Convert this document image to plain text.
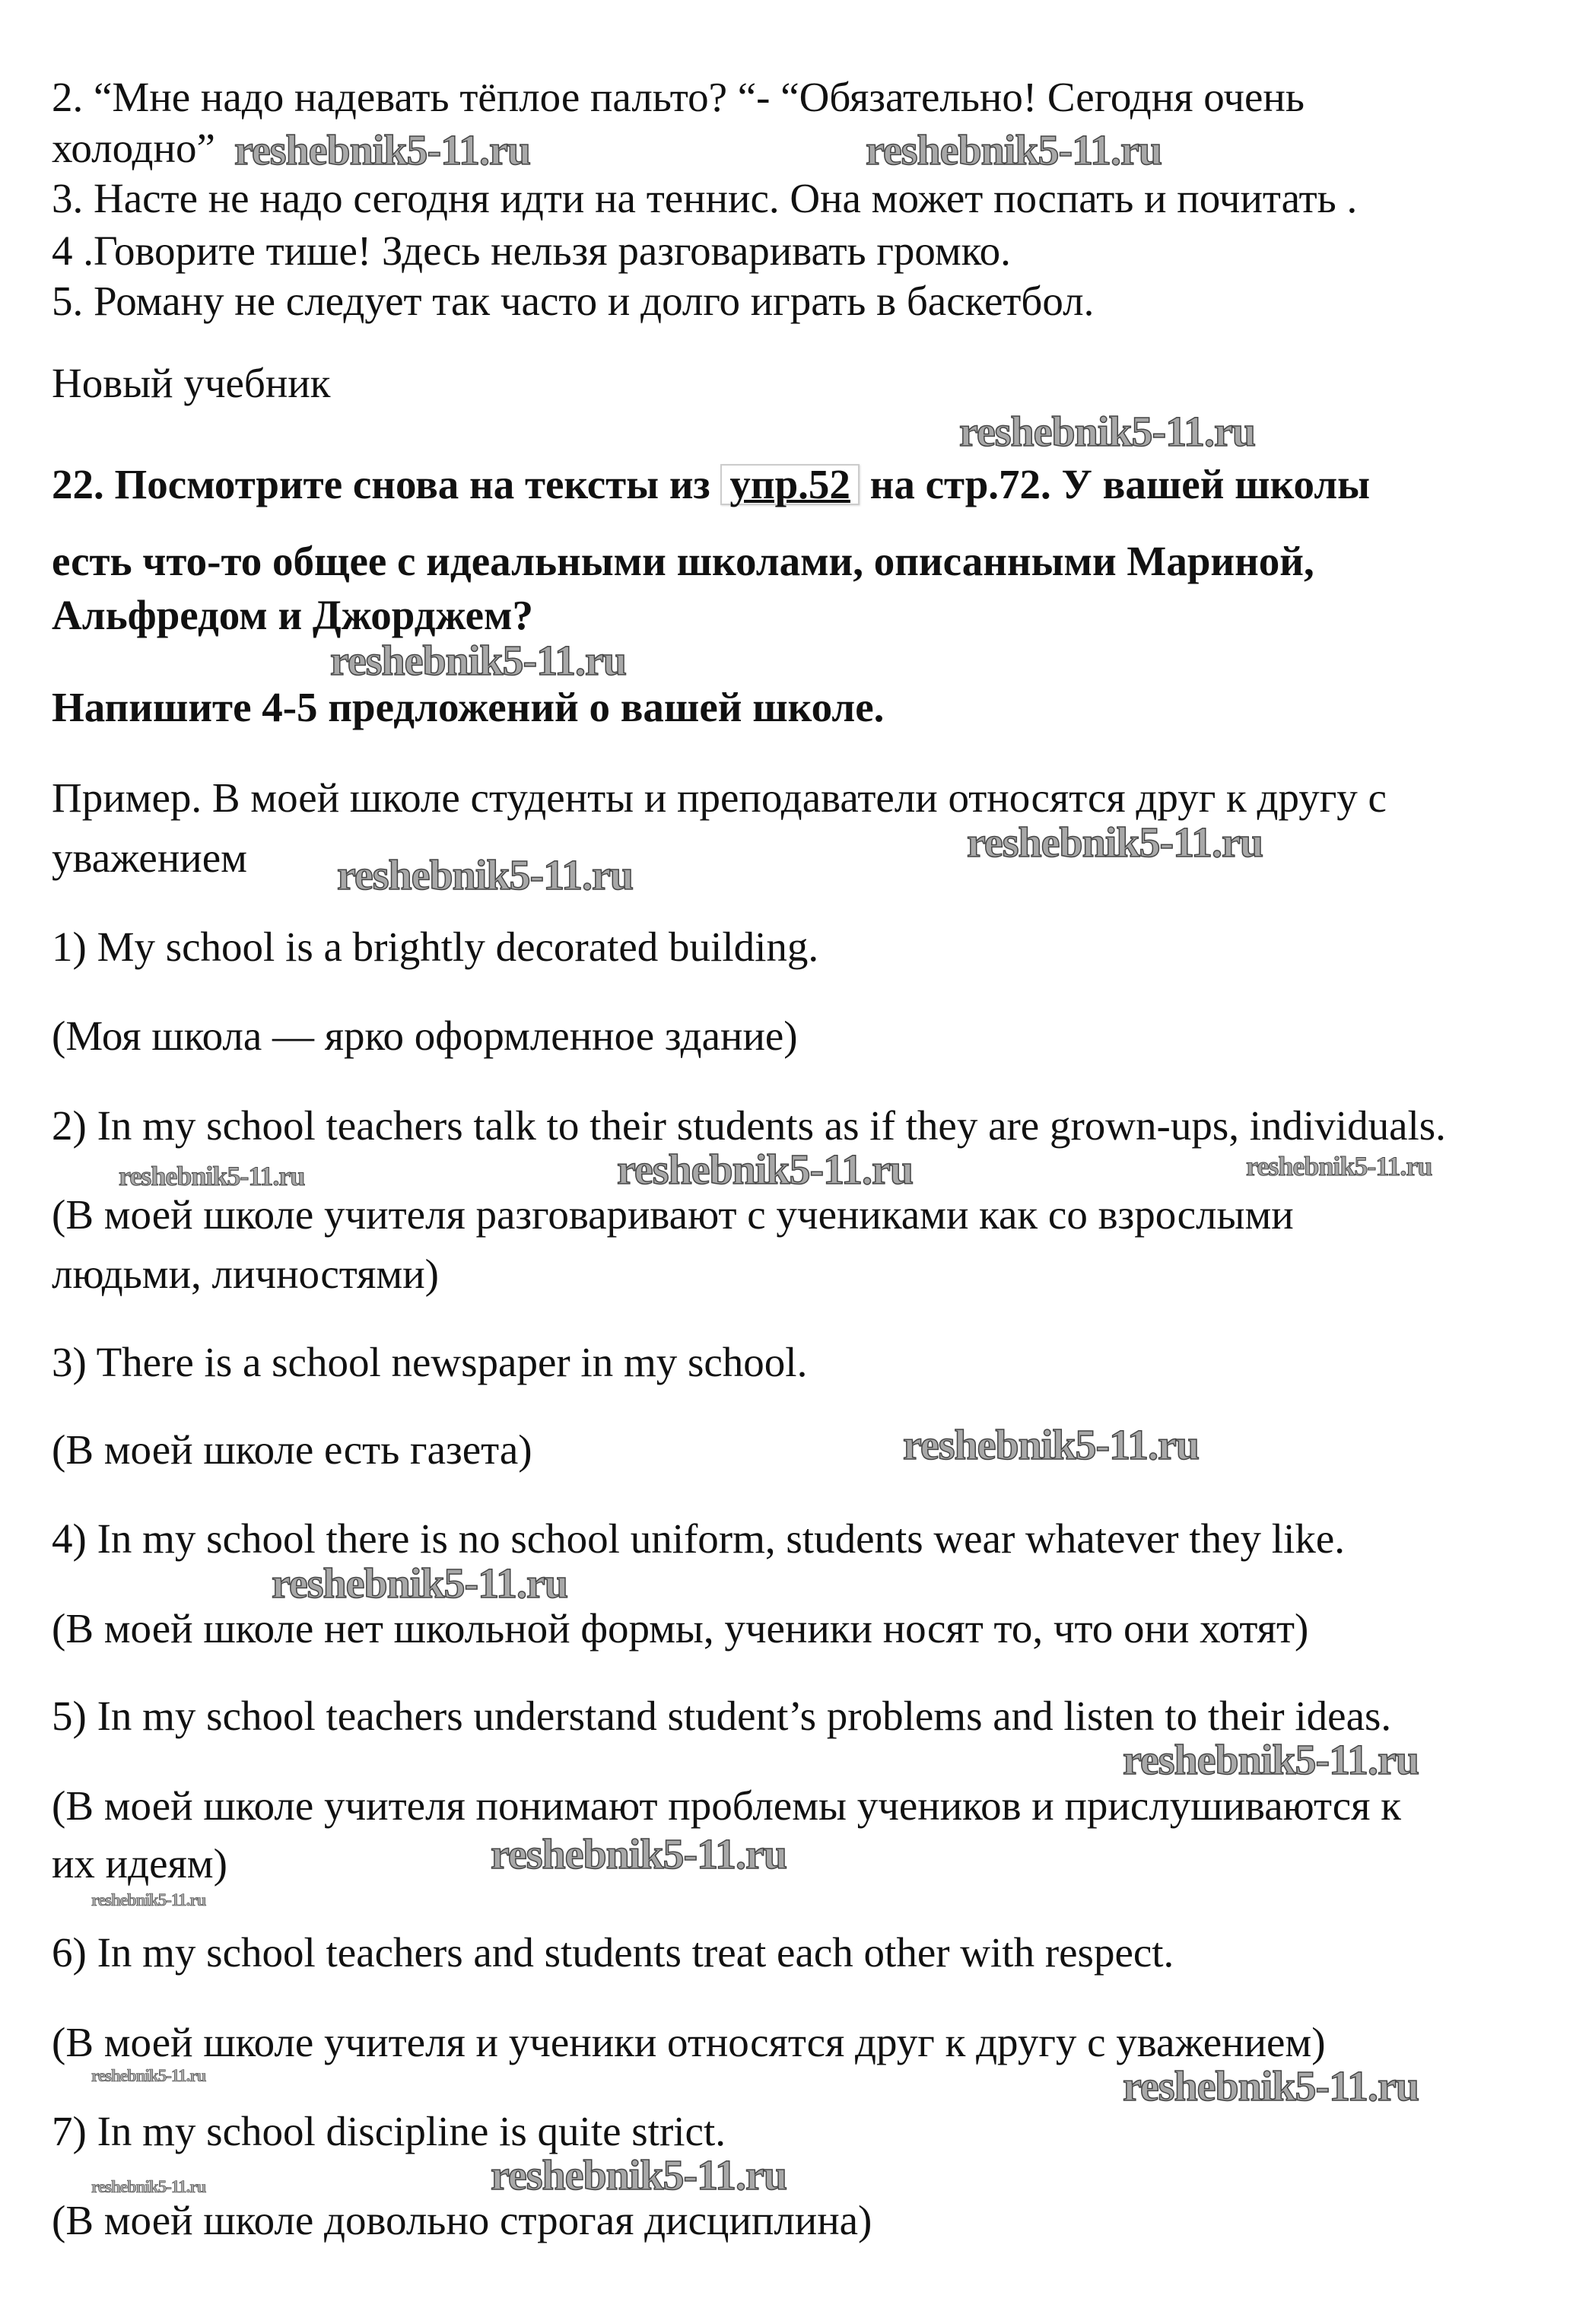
2. “Мне надо надевать тёплое пальто? “- “Обязательно! Сегодня очень
холодно”
3. Насте не надо сегодня идти на теннис. Она может поспать и почитать .
4 .Говорите тише! Здесь нельзя разговаривать громко.
5. Роману не следует так часто и долго играть в баскетбол.
Новый учебник
22. Посмотрите снова на тексты из упр.52 на стр.72. У вашей школы
есть что-то общее с идеальными школами, описанными Мариной,
Альфредом и Джорджем?
Напишите 4-5 предложений о вашей школе.
Пример. В моей школе студенты и преподаватели относятся друг к другу с
уважением
1) My school is a brightly decorated building.
(Моя школа — ярко оформленное здание)
2) In my school teachers talk to their students as if they are grown-ups, individuals.
(В моей школе учителя разговаривают с учениками как со взрослыми
людьми, личностями)
3) There is a school newspaper in my school.
(В моей школе есть газета)
4) In my school there is no school uniform, students wear whatever they like.
(В моей школе нет школьной формы, ученики носят то, что они хотят)
5) In my school teachers understand student’s problems and listen to their ideas.
(В моей школе учителя понимают проблемы учеников и прислушиваются к
их идеям)
6) In my school teachers and students treat each other with respect.
(В моей школе учителя и ученики относятся друг к другу с уважением)
7) In my school discipline is quite strict.
(В моей школе довольно строгая дисциплина)
reshebnik5-11.ru	reshebnik5-11.ru
reshebnik5-11.ru
reshebnik5-11.ru
reshebnik5-11.ru
reshebnik5-11.ru
reshebnik5-11.ru
reshebnik5-11.ru	reshebnik5-11.ru
reshebnik5-11.ru
reshebnik5-11.ru
reshebnik5-11.ru
reshebnik5-11.ru
reshebnik5-11.ru
reshebnik5-11.ru	reshebnik5-11.ru
reshebnik5-11.ru
reshebnik5-11.ru
